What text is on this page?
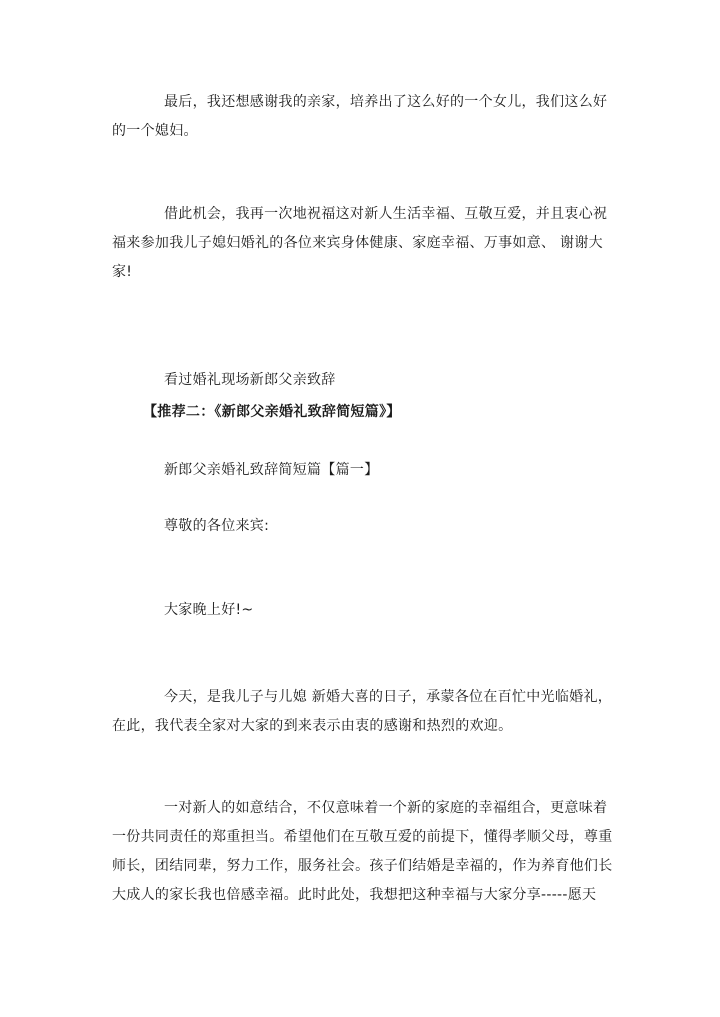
最后，我还想感谢我的亲家，培养出了这么好的一个女儿，我们这么好
的一个媳妇。

借此机会，我再一次地祝福这对新人生活幸福、互敬互爱，并且衷心祝
福来参加我儿子媳妇婚礼的各位来宾身体健康、家庭幸福、万事如意、 谢谢大
家!

看过婚礼现场新郎父亲致辞

【推荐二：《新郎父亲婚礼致辞简短篇》】

新郎父亲婚礼致辞简短篇【篇一】

尊敬的各位来宾:

大家晚上好!~

今天，是我儿子与儿媳 新婚大喜的日子，承蒙各位在百忙中光临婚礼，
在此，我代表全家对大家的到来表示由衷的感谢和热烈的欢迎。

一对新人的如意结合，不仅意味着一个新的家庭的幸福组合，更意味着
一份共同责任的郑重担当。希望他们在互敬互爱的前提下，懂得孝顺父母，尊重
师长，团结同辈，努力工作，服务社会。孩子们结婚是幸福的，作为养育他们长
大成人的家长我也倍感幸福。此时此处，我想把这种幸福与大家分享-----愿天
